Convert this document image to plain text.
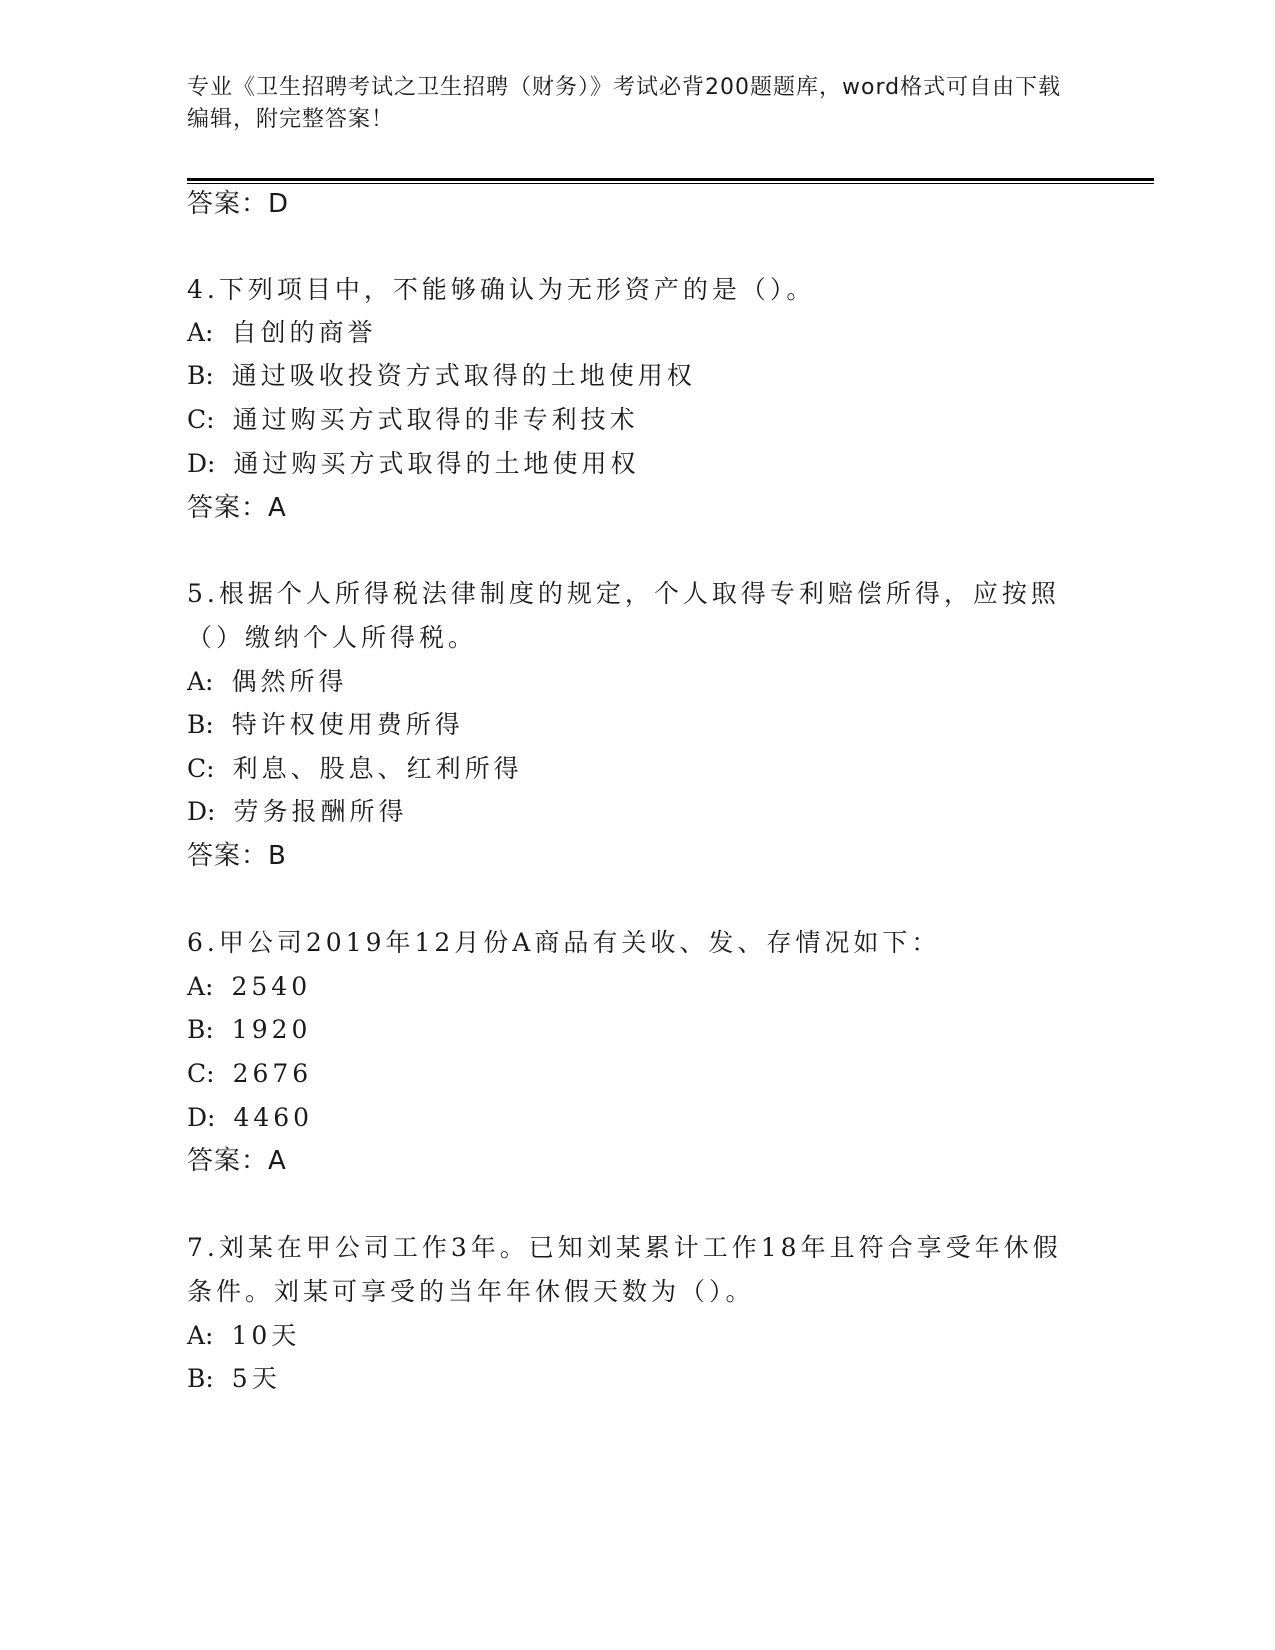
专业《卫生招聘考试之卫生招聘（财务）》考试必背200题题库，word格式可自由下载编辑，附完整答案！
答案：D
4.下列项目中，不能够确认为无形资产的是（）。
A: 自创的商誉
B: 通过吸收投资方式取得的土地使用权
C: 通过购买方式取得的非专利技术
D: 通过购买方式取得的土地使用权
答案：A
5.根据个人所得税法律制度的规定，个人取得专利赔偿所得，应按照
（）缴纳个人所得税。
A: 偶然所得
B: 特许权使用费所得
C: 利息、股息、红利所得
D: 劳务报酬所得
答案：B
6.甲公司2019年12月份A商品有关收、发、存情况如下：
A: 2540
B: 1920
C: 2676
D: 4460
答案：A
7.刘某在甲公司工作3年。已知刘某累计工作18年且符合享受年休假
条件。刘某可享受的当年年休假天数为（）。
A: 10天
B: 5天
